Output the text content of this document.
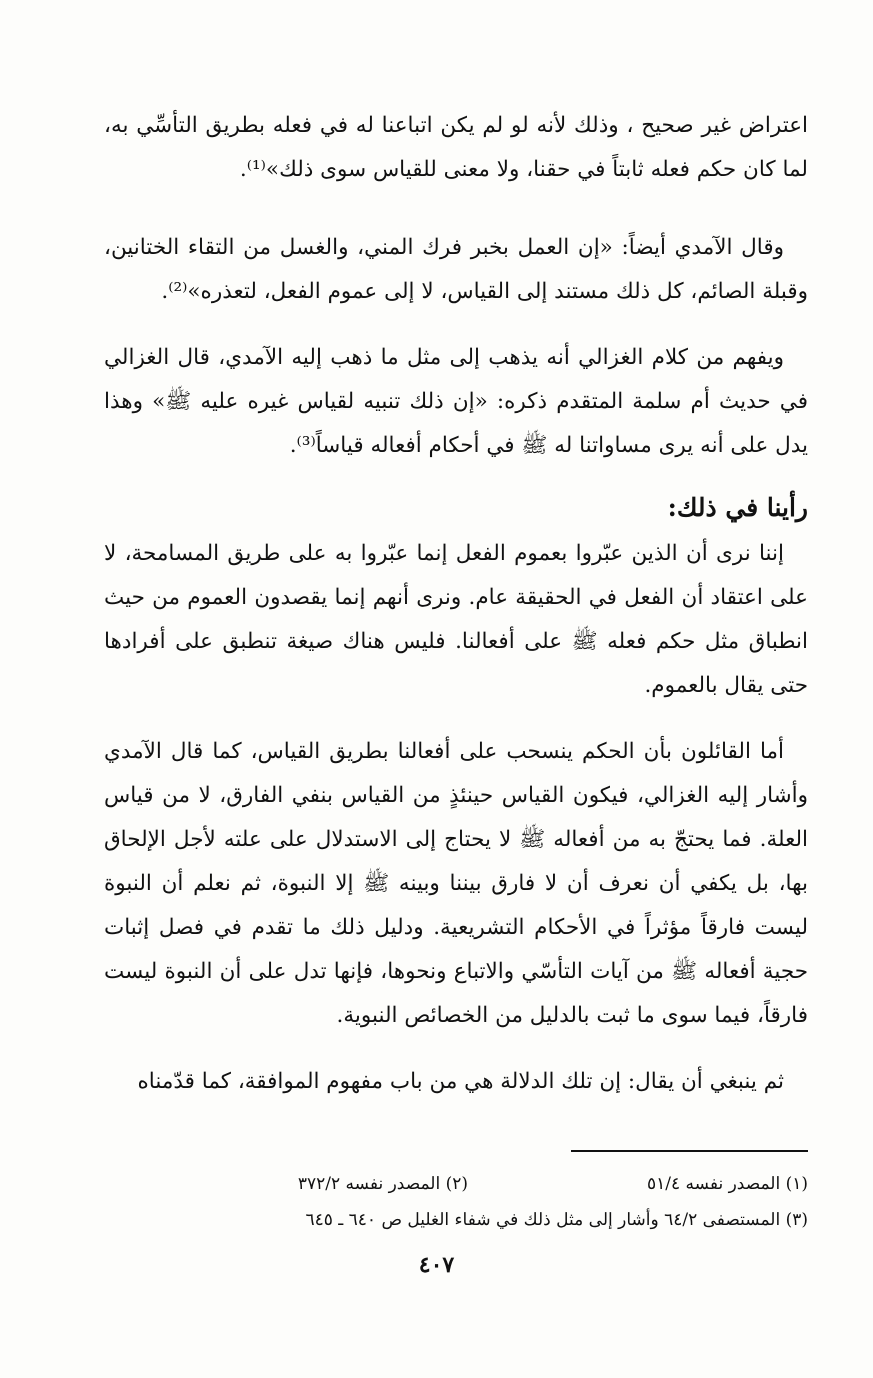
اعتراض غير صحيح ، وذلك لأنه لو لم يكن اتباعنا له في فعله بطريق التأسِّي به، لما كان حكم فعله ثابتاً في حقنا، ولا معنى للقياس سوى ذلك»⁽¹⁾.

وقال الآمدي أيضاً: «إن العمل بخبر فرك المني، والغسل من التقاء الختانين، وقبلة الصائم، كل ذلك مستند إلى القياس، لا إلى عموم الفعل، لتعذره»⁽²⁾.

ويفهم من كلام الغزالي أنه يذهب إلى مثل ما ذهب إليه الآمدي، قال الغزالي في حديث أم سلمة المتقدم ذكره: «إن ذلك تنبيه لقياس غيره عليه ﷺ» وهذا يدل على أنه يرى مساواتنا له ﷺ في أحكام أفعاله قياساً⁽³⁾.

رأينا في ذلك:

إننا نرى أن الذين عبّروا بعموم الفعل إنما عبّروا به على طريق المسامحة، لا على اعتقاد أن الفعل في الحقيقة عام. ونرى أنهم إنما يقصدون العموم من حيث انطباق مثل حكم فعله ﷺ على أفعالنا. فليس هناك صيغة تنطبق على أفرادها حتى يقال بالعموم.

أما القائلون بأن الحكم ينسحب على أفعالنا بطريق القياس، كما قال الآمدي وأشار إليه الغزالي، فيكون القياس حينئذٍ من القياس بنفي الفارق، لا من قياس العلة. فما يحتجّ به من أفعاله ﷺ لا يحتاج إلى الاستدلال على علته لأجل الإلحاق بها، بل يكفي أن نعرف أن لا فارق بيننا وبينه ﷺ إلا النبوة، ثم نعلم أن النبوة ليست فارقاً مؤثراً في الأحكام التشريعية. ودليل ذلك ما تقدم في فصل إثبات حجية أفعاله ﷺ من آيات التأسّي والاتباع ونحوها، فإنها تدل على أن النبوة ليست فارقاً، فيما سوى ما ثبت بالدليل من الخصائص النبوية.

ثم ينبغي أن يقال: إن تلك الدلالة هي من باب مفهوم الموافقة، كما قدّمناه

(١) المصدر نفسه ٥١/٤
(٢) المصدر نفسه ٣٧٢/٢
(٣) المستصفى ٦٤/٢ وأشار إلى مثل ذلك في شفاء الغليل ص ٦٤٠ ـ ٦٤٥
٤٠٧
